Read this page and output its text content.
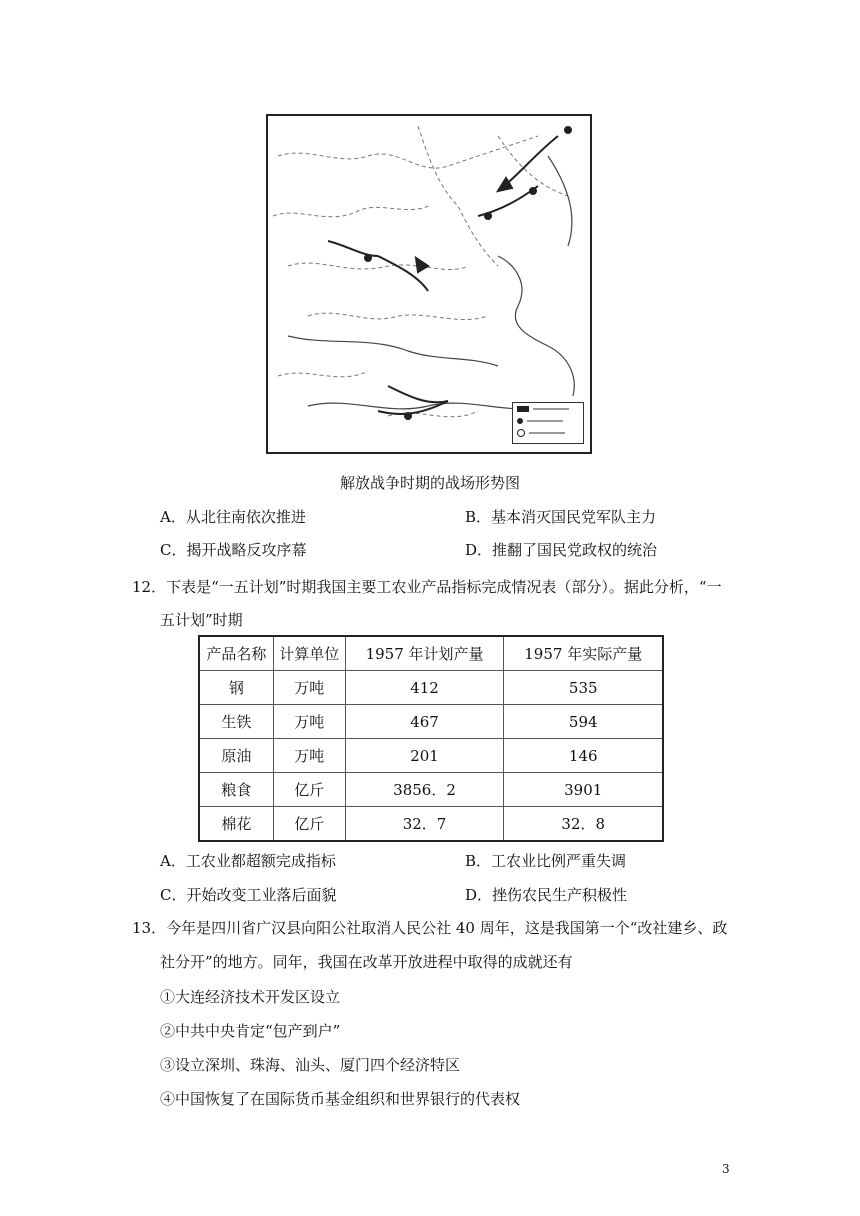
解放战争时期的战场形势图
A．从北往南依次推进	B．基本消灭国民党军队主力
C．揭开战略反攻序幕	D．推翻了国民党政权的统治
12．下表是“一五计划”时期我国主要工农业产品指标完成情况表（部分）。据此分析，“一
五计划”时期
产品名称	计算单位	1957 年计划产量	1957 年实际产量
钢	万吨	412	535
生铁	万吨	467	594
原油	万吨	201	146
粮食	亿斤	3856．2	3901
棉花	亿斤	32．7	32．8
A．工农业都超额完成指标	B．工农业比例严重失调
C．开始改变工业落后面貌	D．挫伤农民生产积极性
13．今年是四川省广汉县向阳公社取消人民公社 40 周年，这是我国第一个“改社建乡、政
社分开”的地方。同年，我国在改革开放进程中取得的成就还有
①大连经济技术开发区设立
②中共中央肯定“包产到户”
③设立深圳、珠海、汕头、厦门四个经济特区
④中国恢复了在国际货币基金组织和世界银行的代表权
3
